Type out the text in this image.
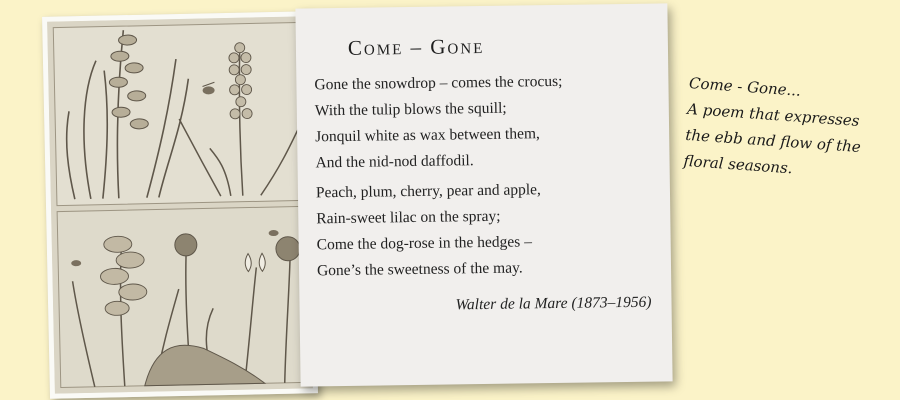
Come – Gone
Gone the snowdrop – comes the crocus;
With the tulip blows the squill;
Jonquil white as wax between them,
And the nid-nod daffodil.
Peach, plum, cherry, pear and apple,
Rain-sweet lilac on the spray;
Come the dog-rose in the hedges –
Gone’s the sweetness of the may.
Walter de la Mare (1873–1956)
Come - Gone...
A poem that expresses
the ebb and flow of the
floral seasons.
